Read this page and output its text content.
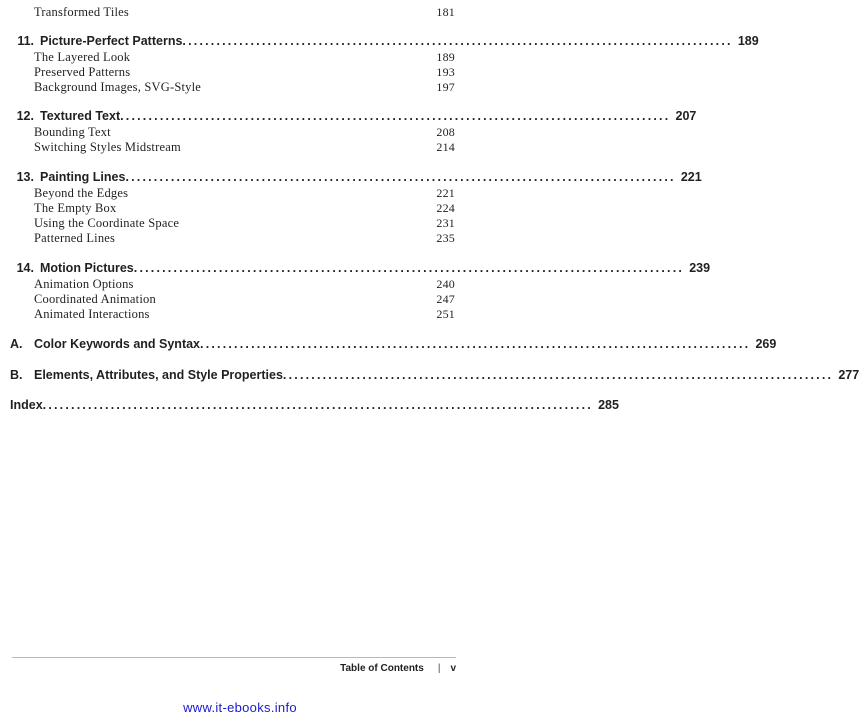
Transformed Tiles	181
11. Picture-Perfect Patterns ................................................................................................. 189
The Layered Look	189
Preserved Patterns	193
Background Images, SVG-Style	197
12. Textured Text ................................................................................................. 207
Bounding Text	208
Switching Styles Midstream	214
13. Painting Lines ................................................................................................. 221
Beyond the Edges	221
The Empty Box	224
Using the Coordinate Space	231
Patterned Lines	235
14. Motion Pictures ................................................................................................. 239
Animation Options	240
Coordinated Animation	247
Animated Interactions	251
A. Color Keywords and Syntax ................................................................................................. 269
B. Elements, Attributes, and Style Properties ................................................................................................. 277
Index ................................................................................................. 285
Table of Contents | v
www.it-ebooks.info
